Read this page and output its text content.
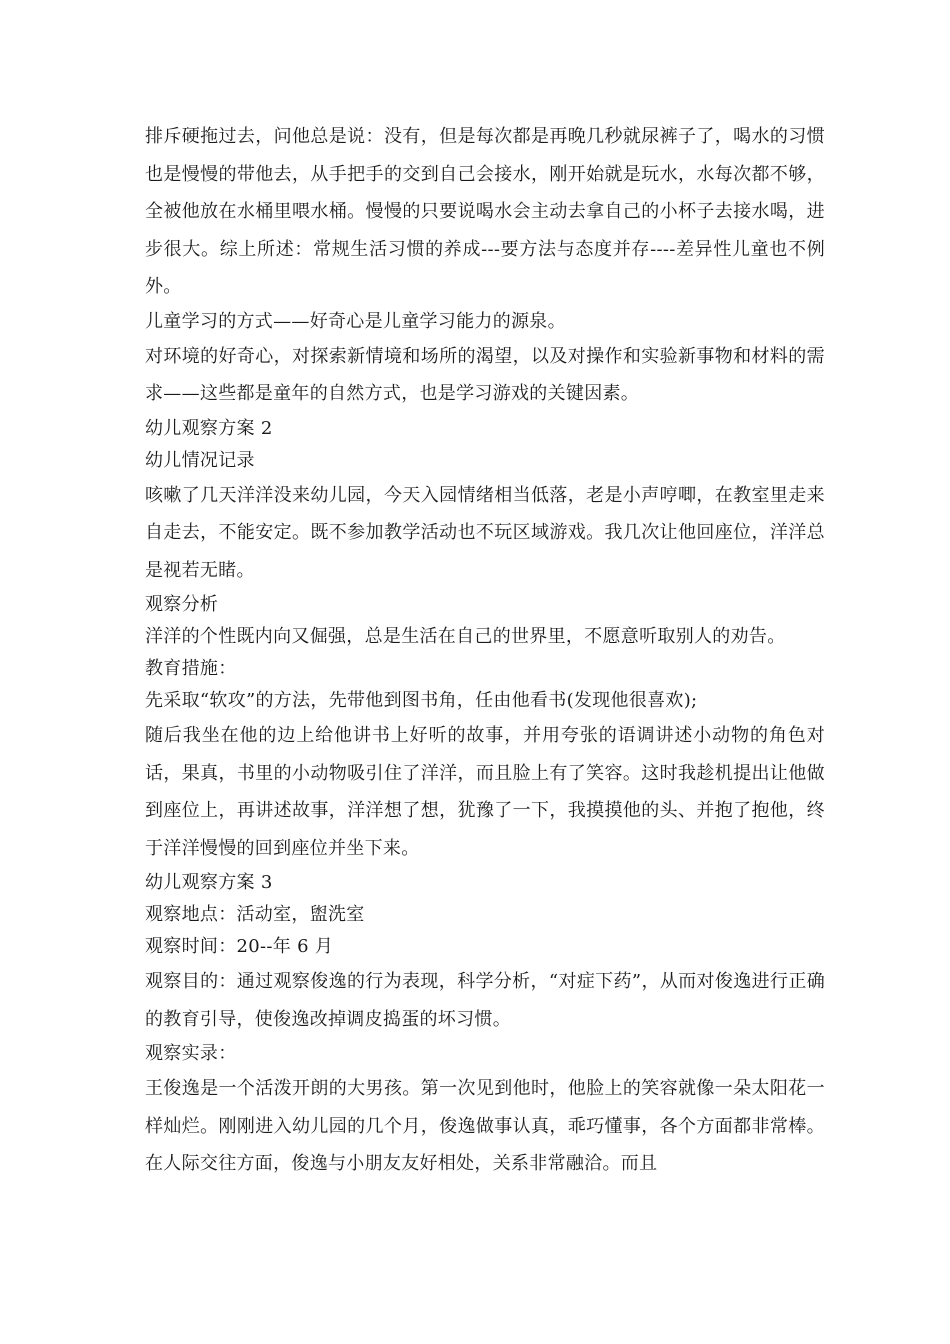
排斥硬拖过去，问他总是说：没有，但是每次都是再晚几秒就尿裤子了，喝水的习惯也是慢慢的带他去，从手把手的交到自己会接水，刚开始就是玩水，水每次都不够，全被他放在水桶里喂水桶。慢慢的只要说喝水会主动去拿自己的小杯子去接水喝，进步很大。综上所述：常规生活习惯的养成---要方法与态度并存----差异性儿童也不例外。

儿童学习的方式——好奇心是儿童学习能力的源泉。

对环境的好奇心，对探索新情境和场所的渴望，以及对操作和实验新事物和材料的需求——这些都是童年的自然方式，也是学习游戏的关键因素。

幼儿观察方案 2

幼儿情况记录

咳嗽了几天洋洋没来幼儿园，今天入园情绪相当低落，老是小声哼唧，在教室里走来自走去，不能安定。既不参加教学活动也不玩区域游戏。我几次让他回座位，洋洋总是视若无睹。

观察分析

洋洋的个性既内向又倔强，总是生活在自己的世界里，不愿意听取别人的劝告。

教育措施：

先采取“软攻”的方法，先带他到图书角，任由他看书(发现他很喜欢);

随后我坐在他的边上给他讲书上好听的故事，并用夸张的语调讲述小动物的角色对话，果真，书里的小动物吸引住了洋洋，而且脸上有了笑容。这时我趁机提出让他做到座位上，再讲述故事，洋洋想了想，犹豫了一下，我摸摸他的头、并抱了抱他，终于洋洋慢慢的回到座位并坐下来。

幼儿观察方案 3

观察地点：活动室，盥洗室

观察时间：20--年 6 月

观察目的：通过观察俊逸的行为表现，科学分析，“对症下药”，从而对俊逸进行正确的教育引导，使俊逸改掉调皮捣蛋的坏习惯。

观察实录：

王俊逸是一个活泼开朗的大男孩。第一次见到他时，他脸上的笑容就像一朵太阳花一样灿烂。刚刚进入幼儿园的几个月，俊逸做事认真，乖巧懂事，各个方面都非常棒。在人际交往方面，俊逸与小朋友友好相处，关系非常融洽。而且
